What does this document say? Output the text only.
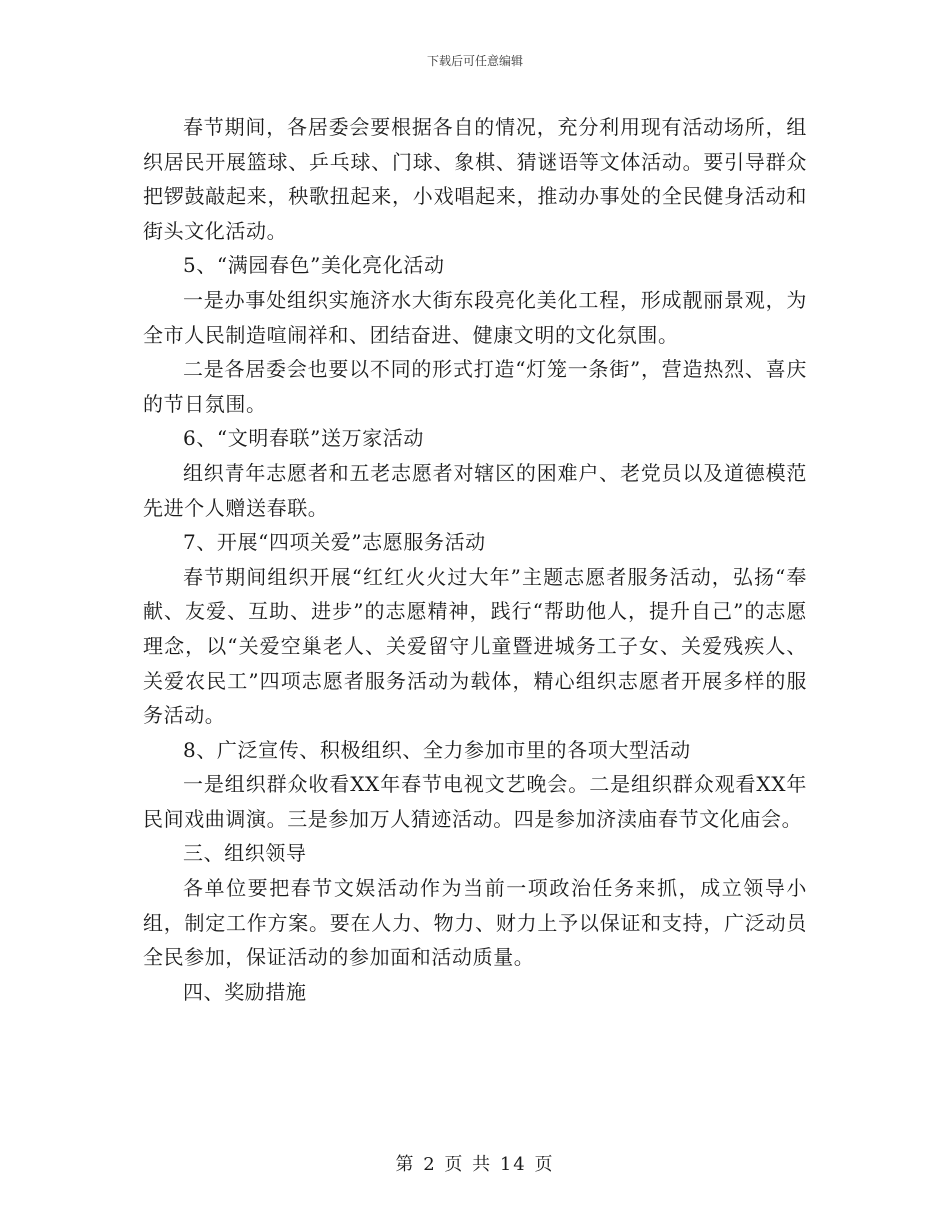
下载后可任意编辑

春节期间，各居委会要根据各自的情况，充分利用现有活动场所，组织居民开展篮球、乒乓球、门球、象棋、猜谜语等文体活动。要引导群众把锣鼓敲起来，秧歌扭起来，小戏唱起来，推动办事处的全民健身活动和街头文化活动。

5、“满园春色”美化亮化活动

一是办事处组织实施济水大街东段亮化美化工程，形成靓丽景观，为全市人民制造喧闹祥和、团结奋进、健康文明的文化氛围。

二是各居委会也要以不同的形式打造“灯笼一条街”，营造热烈、喜庆的节日氛围。

6、“文明春联”送万家活动

组织青年志愿者和五老志愿者对辖区的困难户、老党员以及道德模范先进个人赠送春联。

7、开展“四项关爱”志愿服务活动

春节期间组织开展“红红火火过大年”主题志愿者服务活动，弘扬“奉献、友爱、互助、进步”的志愿精神，践行“帮助他人，提升自己”的志愿理念，以“关爱空巢老人、关爱留守儿童暨进城务工子女、关爱残疾人、关爱农民工”四项志愿者服务活动为载体，精心组织志愿者开展多样的服务活动。

8、广泛宣传、积极组织、全力参加市里的各项大型活动

一是组织群众收看XX年春节电视文艺晚会。二是组织群众观看XX年民间戏曲调演。三是参加万人猜迹活动。四是参加济渎庙春节文化庙会。

三、组织领导

各单位要把春节文娱活动作为当前一项政治任务来抓，成立领导小组，制定工作方案。要在人力、物力、财力上予以保证和支持，广泛动员全民参加，保证活动的参加面和活动质量。

四、奖励措施

第 2 页 共 14 页
